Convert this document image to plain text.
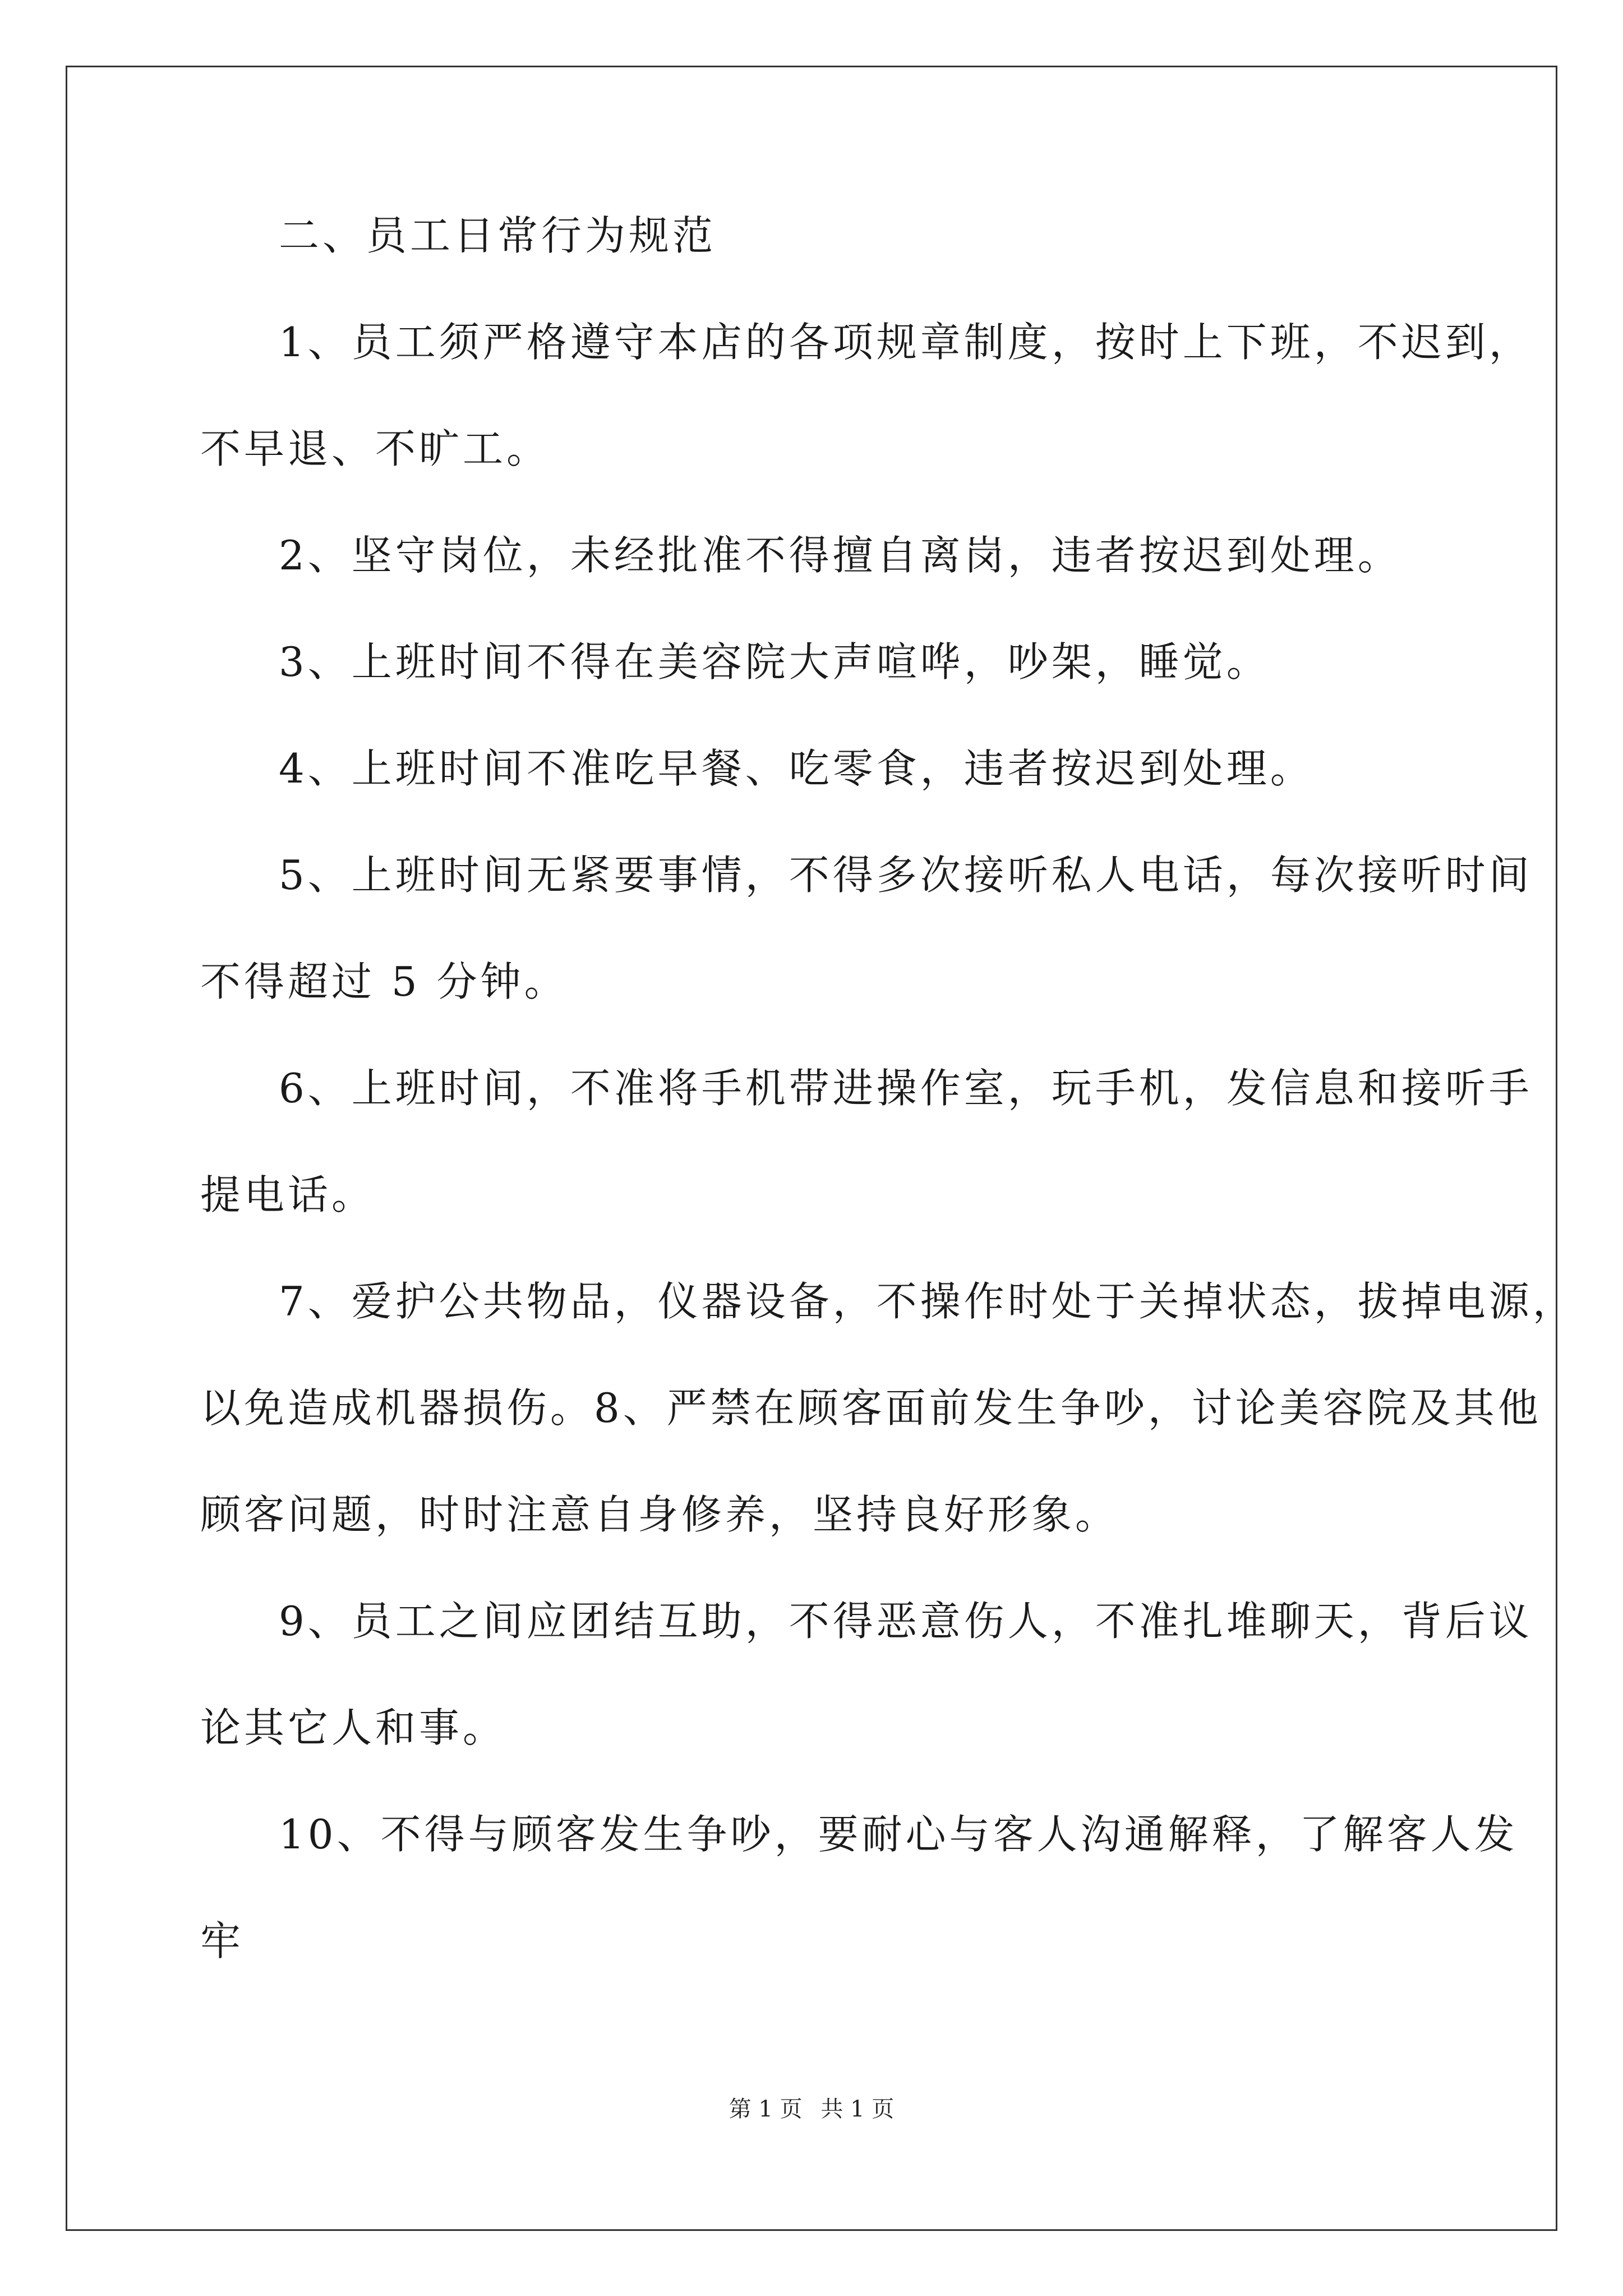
二、员工日常行为规范
1、员工须严格遵守本店的各项规章制度，按时上下班，不迟到，
不早退、不旷工。
2、坚守岗位，未经批准不得擅自离岗，违者按迟到处理。
3、上班时间不得在美容院大声喧哗，吵架，睡觉。
4、上班时间不准吃早餐、吃零食，违者按迟到处理。
5、上班时间无紧要事情，不得多次接听私人电话，每次接听时间
不得超过 5 分钟。
6、上班时间，不准将手机带进操作室，玩手机，发信息和接听手
提电话。
7、爱护公共物品，仪器设备，不操作时处于关掉状态，拔掉电源，
以免造成机器损伤。8、严禁在顾客面前发生争吵，讨论美容院及其他
顾客问题，时时注意自身修养，坚持良好形象。
9、员工之间应团结互助，不得恶意伤人，不准扎堆聊天，背后议
论其它人和事。
10、不得与顾客发生争吵，要耐心与客人沟通解释，了解客人发
牢
第 1 页 共 1 页
